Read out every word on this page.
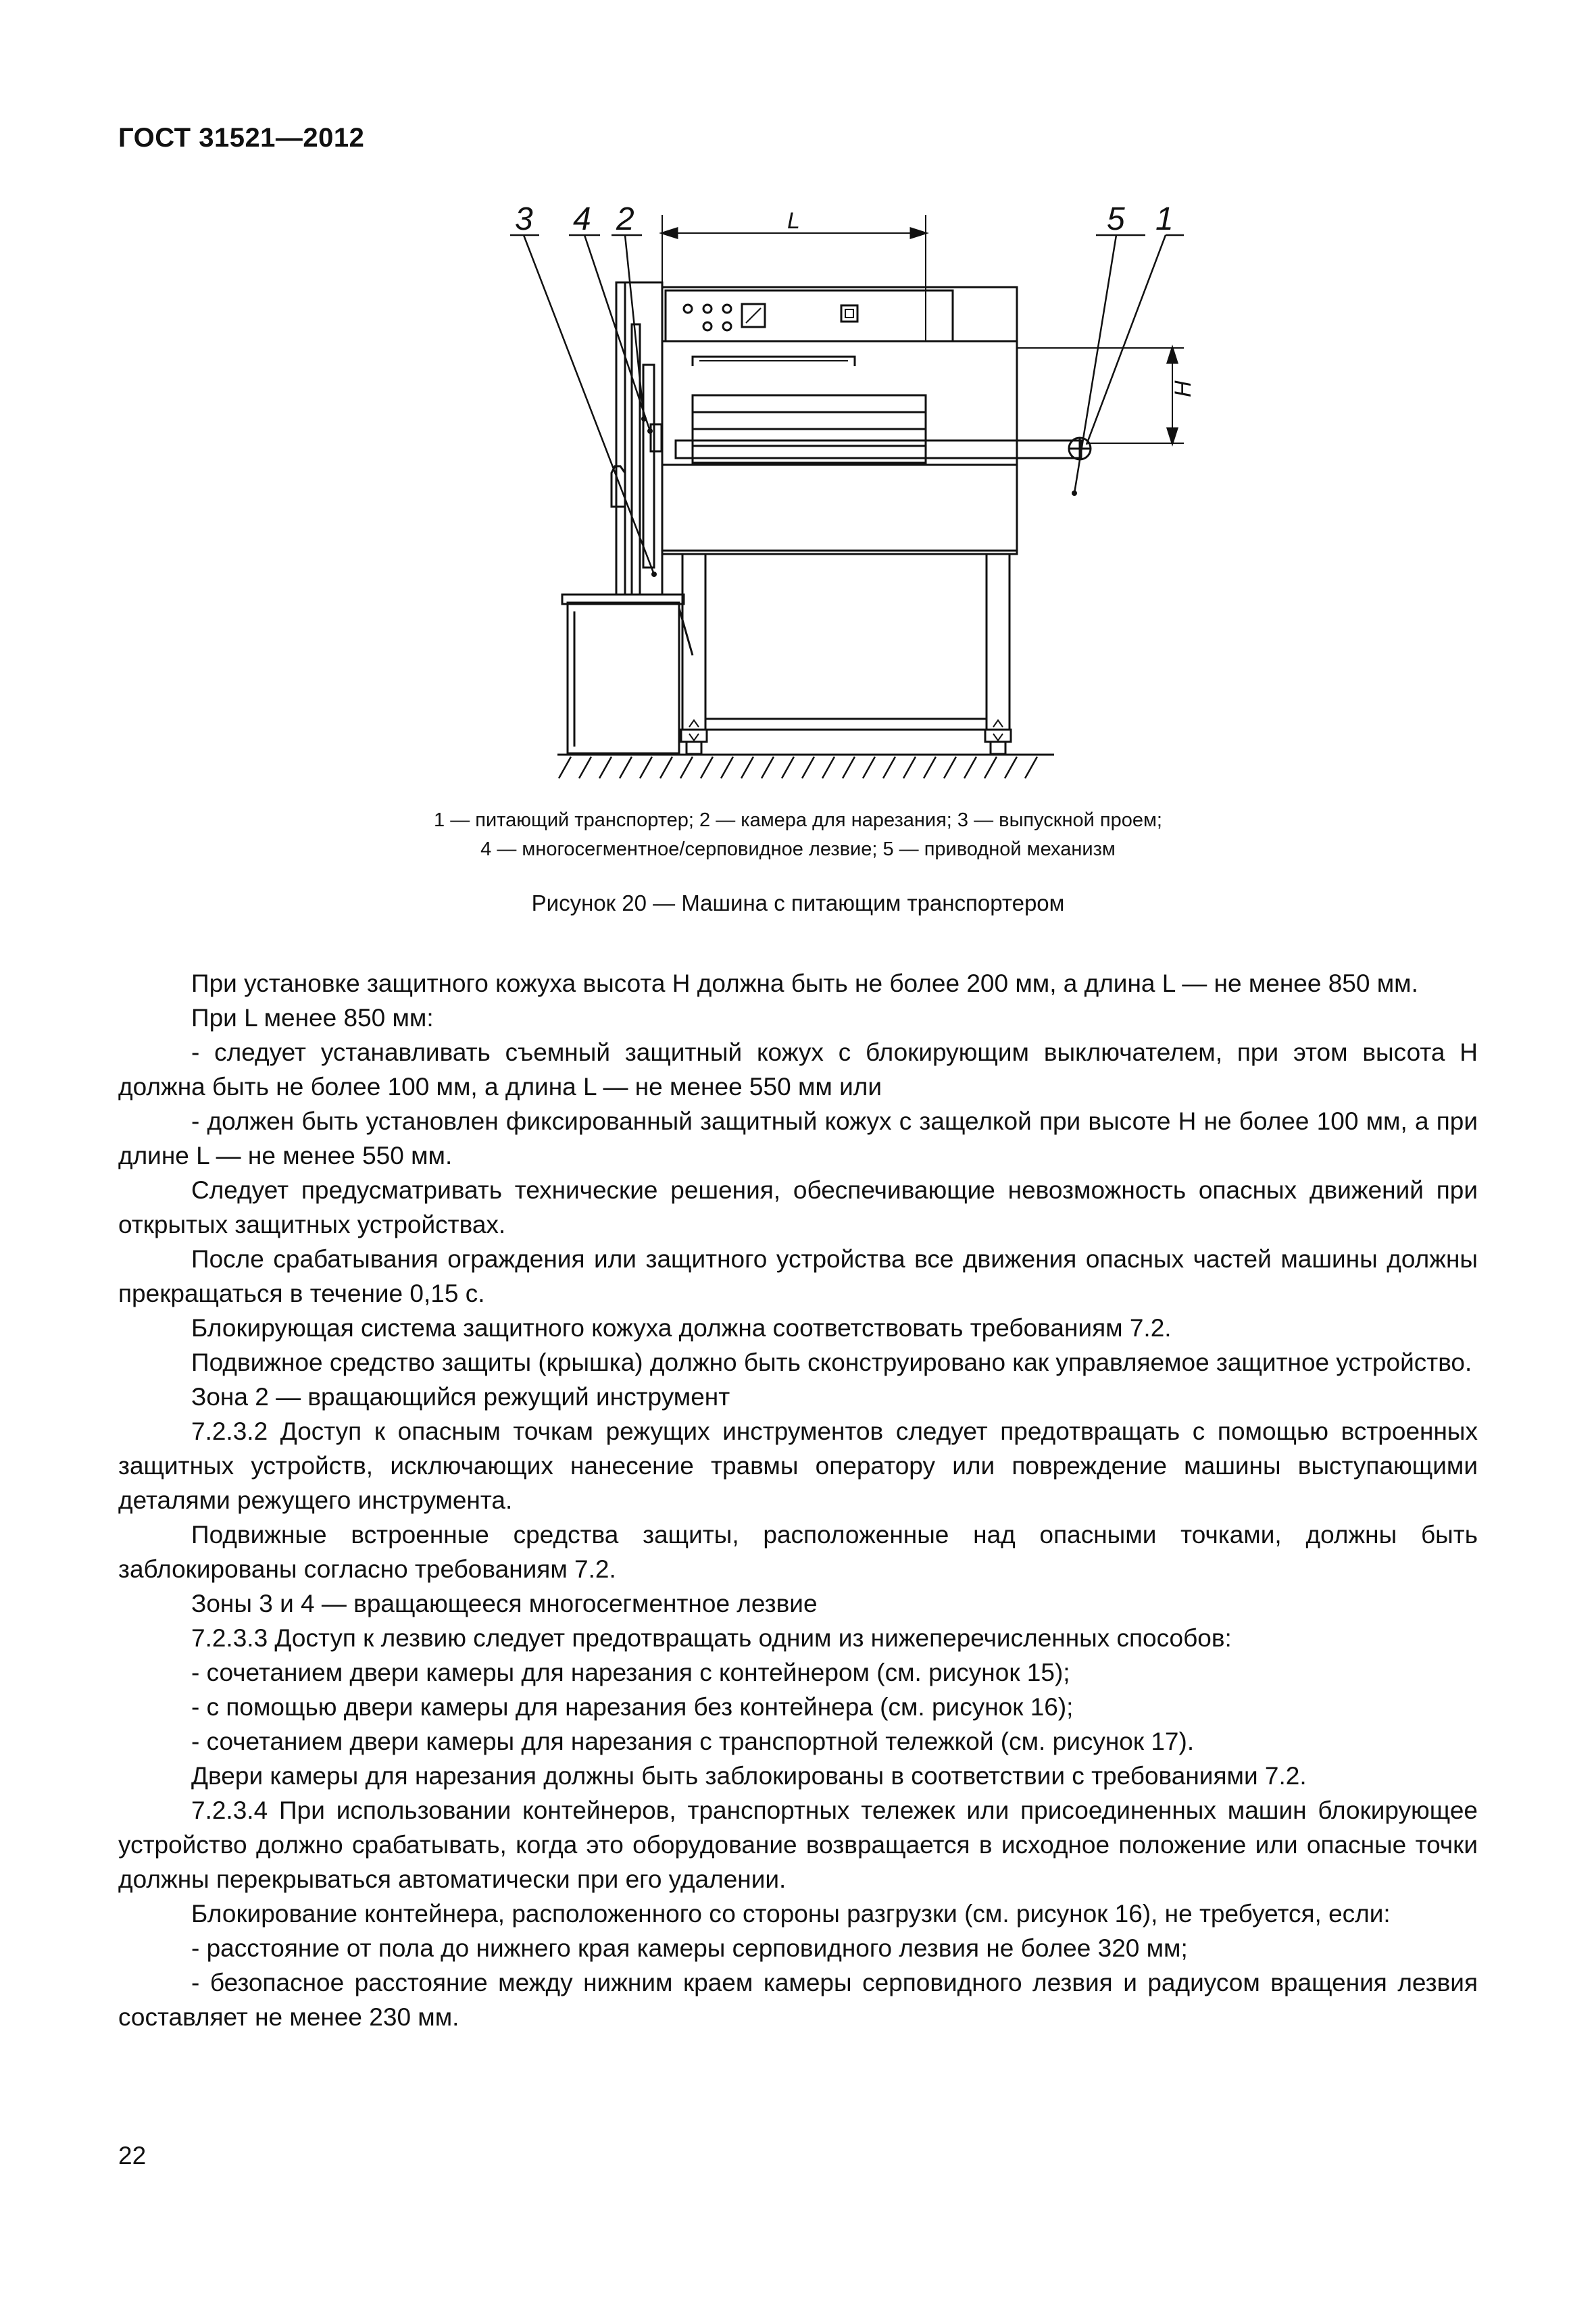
ГОСТ 31521—2012
3 4 2	5 1
L
H
1 — питающий транспортер; 2 — камера для нарезания; 3 — выпускной проем;
4 — многосегментное/серповидное лезвие; 5 — приводной механизм
Рисунок 20 — Машина с питающим транспортером

При установке защитного кожуха высота H должна быть не более 200 мм, а длина L — не менее 850 мм.

При L менее 850 мм:

- следует устанавливать съемный защитный кожух с блокирующим выключателем, при этом высота H должна быть не более 100 мм, а длина L — не менее 550 мм или

- должен быть установлен фиксированный защитный кожух с защелкой при высоте H не более 100 мм, а при длине L — не менее 550 мм.

Следует предусматривать технические решения, обеспечивающие невозможность опасных движений при открытых защитных устройствах.

После срабатывания ограждения или защитного устройства все движения опасных частей машины должны прекращаться в течение 0,15 с.

Блокирующая система защитного кожуха должна соответствовать требованиям 7.2.

Подвижное средство защиты (крышка) должно быть сконструировано как управляемое защитное устройство.

Зона 2 — вращающийся режущий инструмент

7.2.3.2 Доступ к опасным точкам режущих инструментов следует предотвращать с помощью встроенных защитных устройств, исключающих нанесение травмы оператору или повреждение машины выступающими деталями режущего инструмента.

Подвижные встроенные средства защиты, расположенные над опасными точками, должны быть заблокированы согласно требованиям 7.2.

Зоны 3 и 4 — вращающееся многосегментное лезвие

7.2.3.3 Доступ к лезвию следует предотвращать одним из нижеперечисленных способов:

- сочетанием двери камеры для нарезания с контейнером (см. рисунок 15);

- с помощью двери камеры для нарезания без контейнера (см. рисунок 16);

- сочетанием двери камеры для нарезания с транспортной тележкой (см. рисунок 17).

Двери камеры для нарезания должны быть заблокированы в соответствии с требованиями 7.2.

7.2.3.4 При использовании контейнеров, транспортных тележек или присоединенных машин блокирующее устройство должно срабатывать, когда это оборудование возвращается в исходное положение или опасные точки должны перекрываться автоматически при его удалении.

Блокирование контейнера, расположенного со стороны разгрузки (см. рисунок 16), не требуется, если:

- расстояние от пола до нижнего края камеры серповидного лезвия не более 320 мм;

- безопасное расстояние между нижним краем камеры серповидного лезвия и радиусом вращения лезвия составляет не менее 230 мм.

22
